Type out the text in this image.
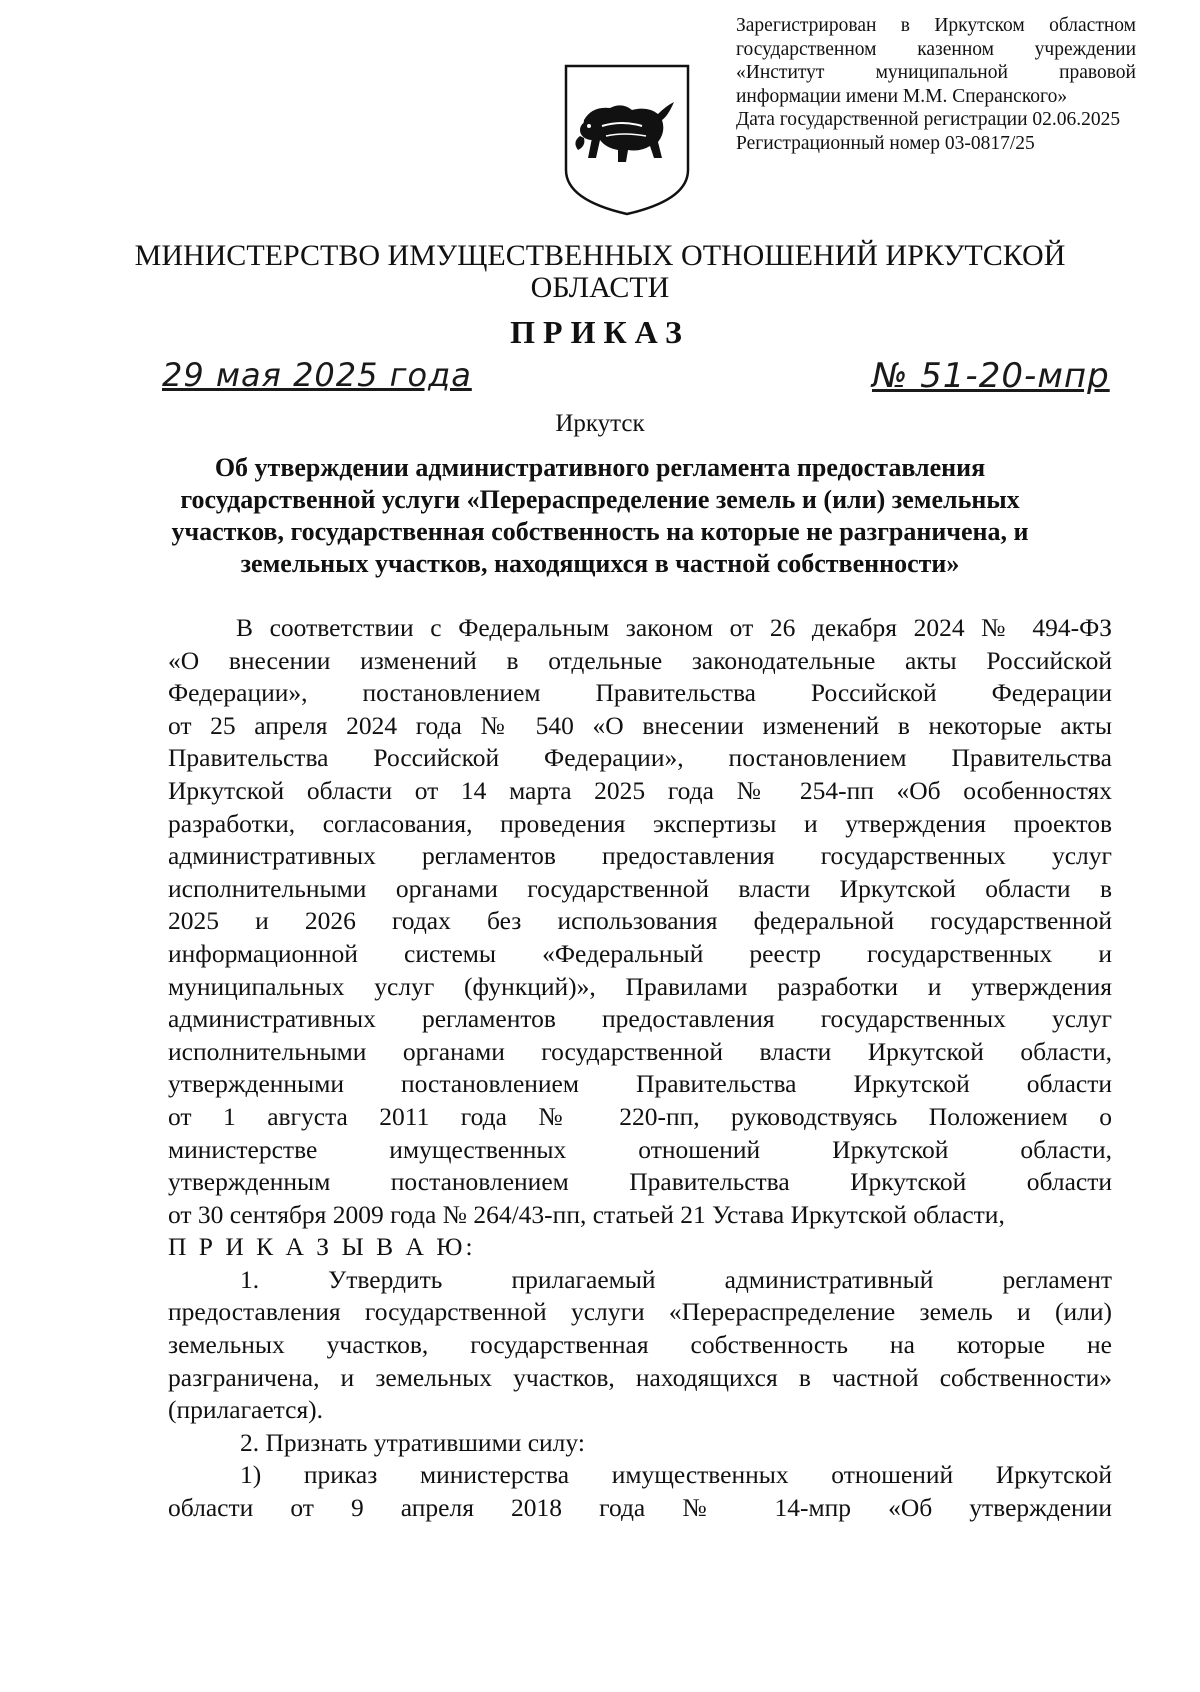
Зарегистрирован в Иркутском областном
государственном казенном учреждении
«Институт муниципальной правовой
информации имени М.М. Сперанского»
Дата государственной регистрации 02.06.2025
Регистрационный номер 03-0817/25
МИНИСТЕРСТВО ИМУЩЕСТВЕННЫХ ОТНОШЕНИЙ ИРКУТСКОЙ
ОБЛАСТИ
ПРИКАЗ
29 мая 2025 года	№ 51-20-мпр
Иркутск
Об утверждении административного регламента предоставления
государственной услуги «Перераспределение земель и (или) земельных
участков, государственная собственность на которые не разграничена, и
земельных участков, находящихся в частной собственности»
В соответствии с Федеральным законом от 26 декабря 2024 № 494-ФЗ
«О внесении изменений в отдельные законодательные акты Российской
Федерации», постановлением Правительства Российской Федерации
от 25 апреля 2024 года № 540 «О внесении изменений в некоторые акты
Правительства Российской Федерации», постановлением Правительства
Иркутской области от 14 марта 2025 года № 254-пп «Об особенностях
разработки, согласования, проведения экспертизы и утверждения проектов
административных регламентов предоставления государственных услуг
исполнительными органами государственной власти Иркутской области в
2025 и 2026 годах без использования федеральной государственной
информационной системы «Федеральный реестр государственных и
муниципальных услуг (функций)», Правилами разработки и утверждения
административных регламентов предоставления государственных услуг
исполнительными органами государственной власти Иркутской области,
утвержденными постановлением Правительства Иркутской области
от 1 августа 2011 года № 220-пп, руководствуясь Положением о
министерстве имущественных отношений Иркутской области,
утвержденным постановлением Правительства Иркутской области
от 30 сентября 2009 года № 264/43-пп, статьей 21 Устава Иркутской области,
П Р И К А З Ы В А Ю:
1. Утвердить прилагаемый административный регламент
предоставления государственной услуги «Перераспределение земель и (или)
земельных участков, государственная собственность на которые не
разграничена, и земельных участков, находящихся в частной собственности»
(прилагается).
2. Признать утратившими силу:
1) приказ министерства имущественных отношений Иркутской
области от 9 апреля 2018 года № 14-мпр «Об утверждении
